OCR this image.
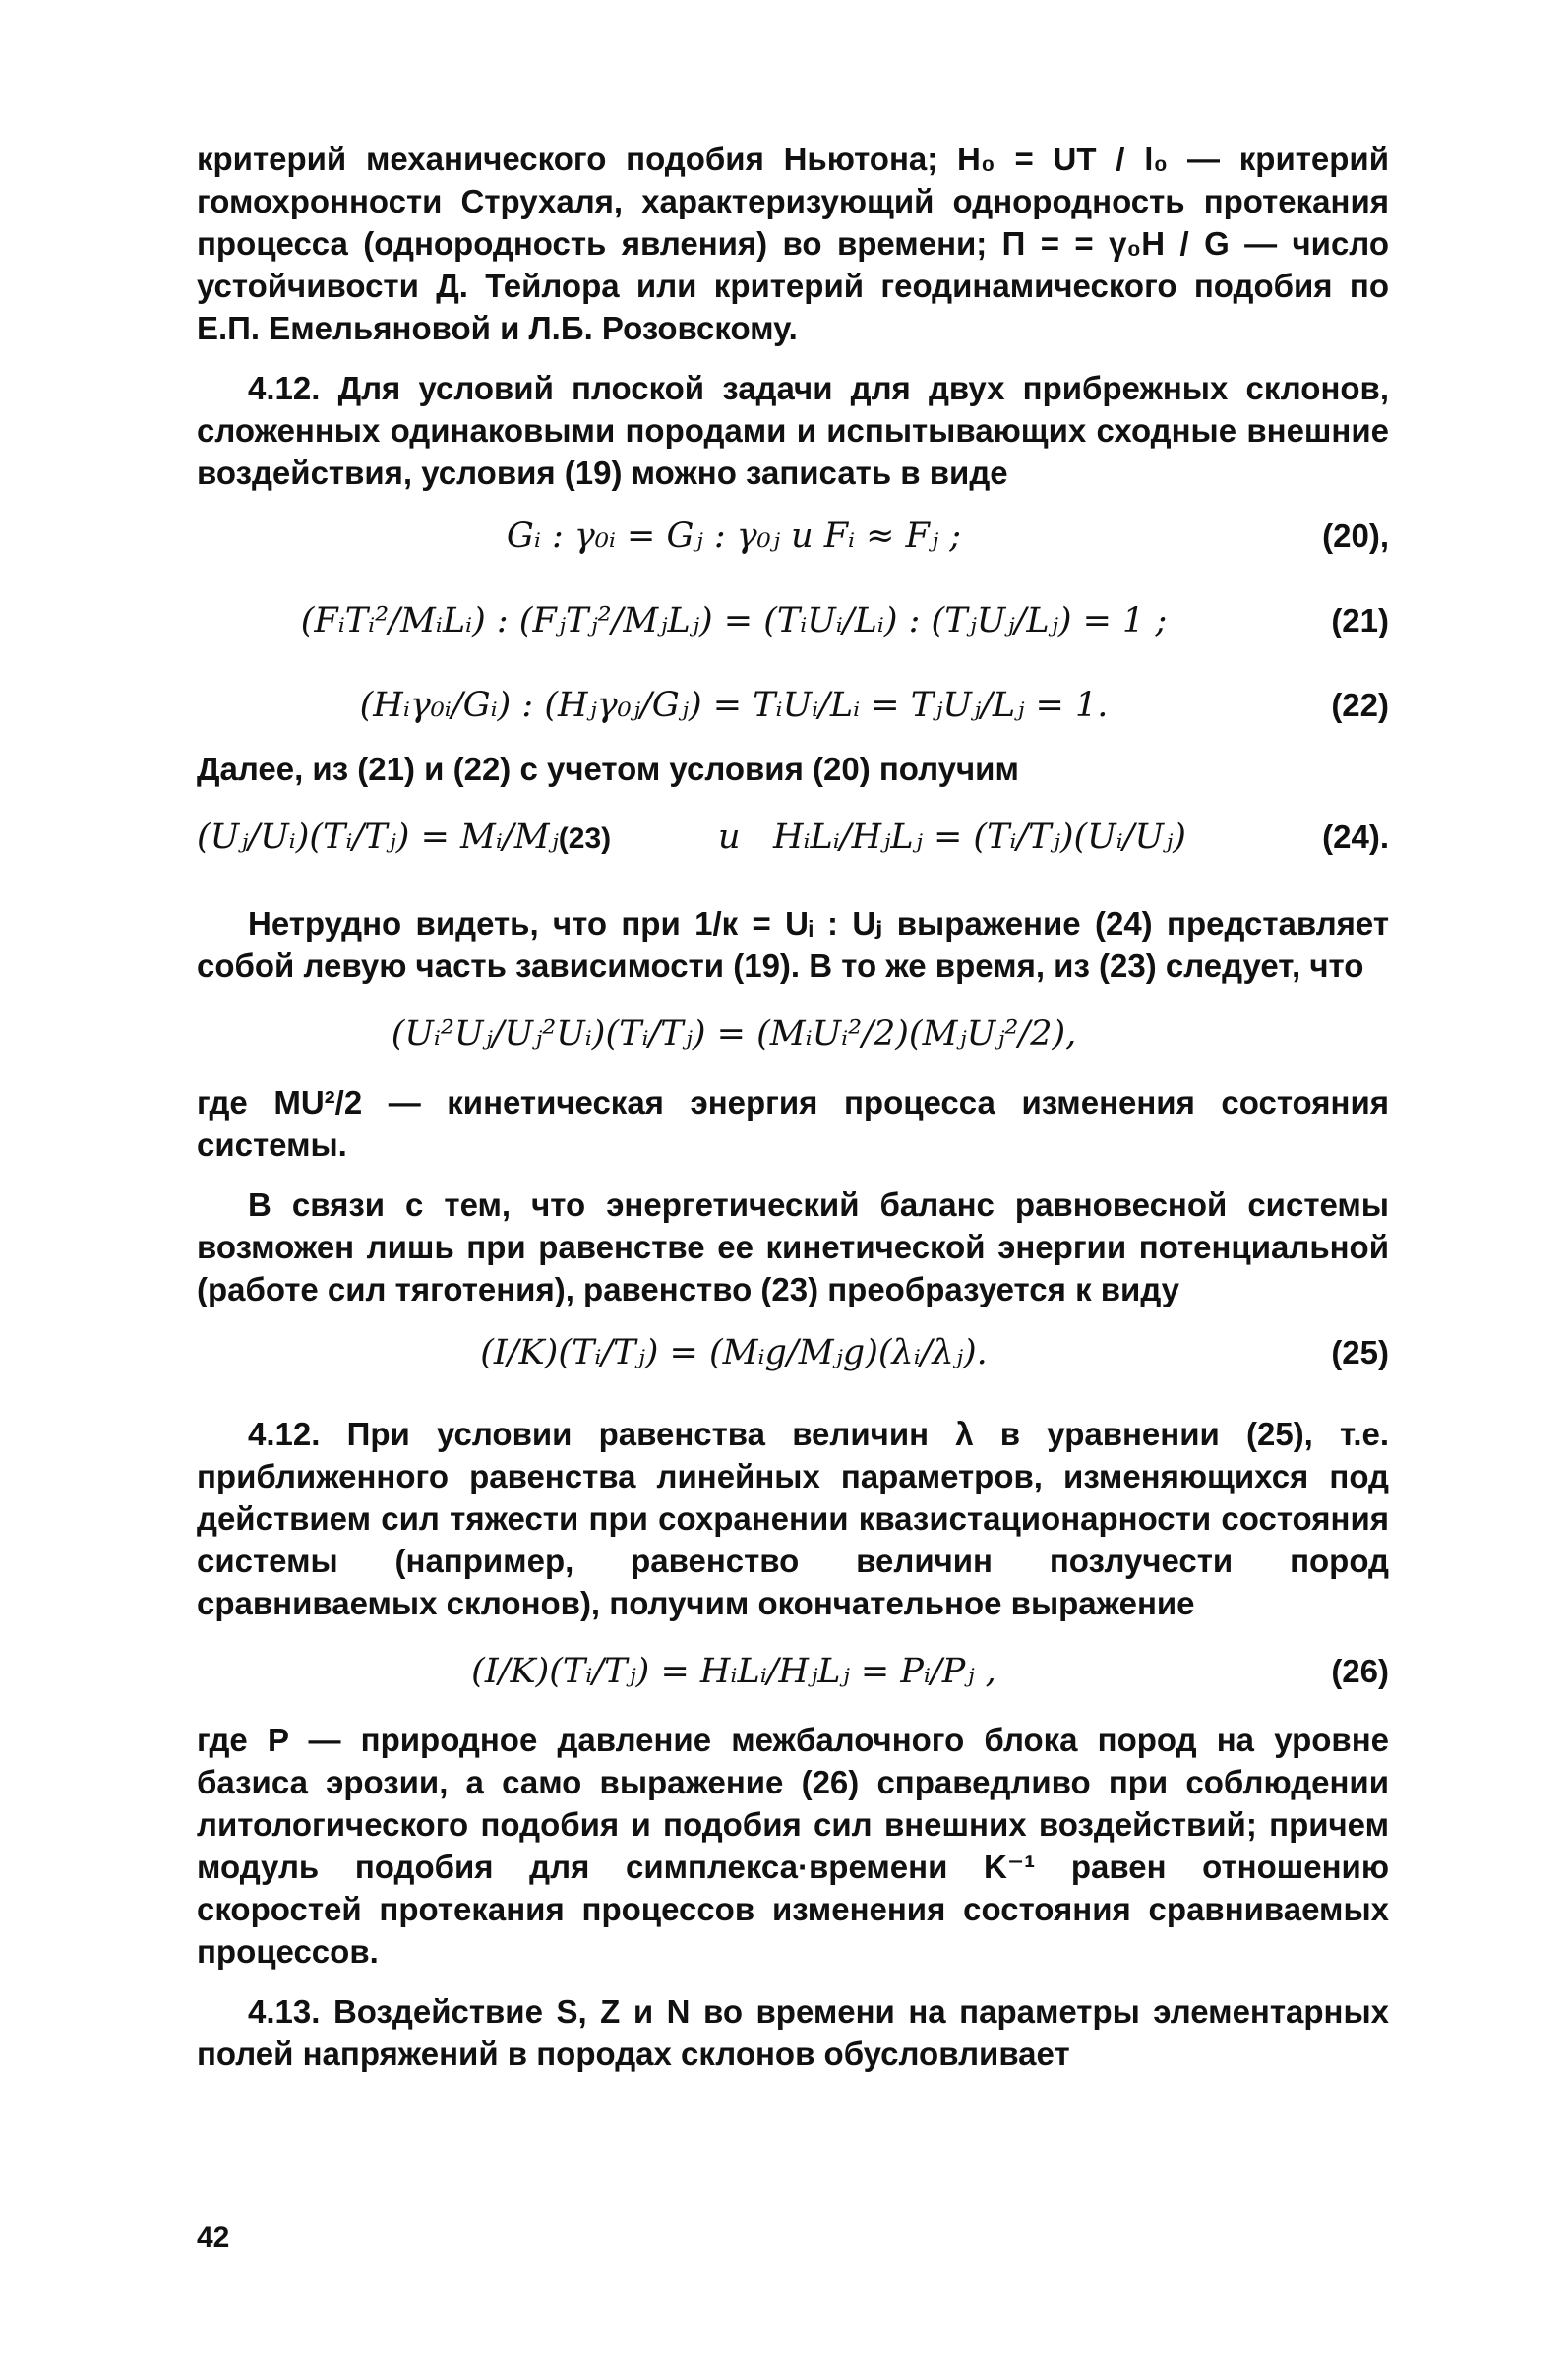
критерий механического подобия Ньютона; H₀ = UT / l₀ — критерий гомохронности Струхаля, характеризующий однородность протекания процесса (однородность явления) во времени; П = = γ₀H / G — число устойчивости Д. Тейлора или критерий геодинамического подобия по Е.П. Емельяновой и Л.Б. Розовскому.

4.12. Для условий плоской задачи для двух прибрежных склонов, сложенных одинаковыми породами и испытывающих сходные внешние воздействия, условия (19) можно записать в виде

Gᵢ : γ₀ᵢ = Gⱼ : γ₀ⱼ и Fᵢ ≈ Fⱼ ;	(20),
(FᵢTᵢ²/MᵢLᵢ) : (FⱼTⱼ²/MⱼLⱼ) = (TᵢUᵢ/Lᵢ) : (TⱼUⱼ/Lⱼ) = 1 ;	(21)
(Hᵢγ₀ᵢ/Gᵢ) : (Hⱼγ₀ⱼ/Gⱼ) = TᵢUᵢ/Lᵢ = TⱼUⱼ/Lⱼ = 1.	(22)

Далее, из (21) и (22) с учетом условия (20) получим

(Uⱼ/Uᵢ)(Tᵢ/Tⱼ) = Mᵢ/Mⱼ(23)	и HᵢLᵢ/HⱼLⱼ = (Tᵢ/Tⱼ)(Uᵢ/Uⱼ)	(24).

Нетрудно видеть, что при 1/к = Uᵢ : Uⱼ выражение (24) представляет собой левую часть зависимости (19). В то же время, из (23) следует, что

(Uᵢ²Uⱼ/Uⱼ²Uᵢ)(Tᵢ/Tⱼ) = (MᵢUᵢ²/2)(MⱼUⱼ²/2),

где MU²/2 — кинетическая энергия процесса изменения состояния системы.

В связи с тем, что энергетический баланс равновесной системы возможен лишь при равенстве ее кинетической энергии потенциальной (работе сил тяготения), равенство (23) преобразуется к виду

(I/K)(Tᵢ/Tⱼ) = (Mᵢg/Mⱼg)(λᵢ/λⱼ).	(25)

4.12. При условии равенства величин λ в уравнении (25), т.е. приближенного равенства линейных параметров, изменяющихся под действием сил тяжести при сохранении квазистационарности состояния системы (например, равенство величин позлучести пород сравниваемых склонов), получим окончательное выражение

(I/K)(Tᵢ/Tⱼ) = HᵢLᵢ/HⱼLⱼ = Pᵢ/Pⱼ ,	(26)

где P — природное давление межбалочного блока пород на уровне базиса эрозии, а само выражение (26) справедливо при соблюдении литологического подобия и подобия сил внешних воздействий; причем модуль подобия для симплекса·времени K⁻¹ равен отношению скоростей протекания процессов изменения состояния сравниваемых процессов.

4.13. Воздействие S, Z и N во времени на параметры элементарных полей напряжений в породах склонов обусловливает

42
